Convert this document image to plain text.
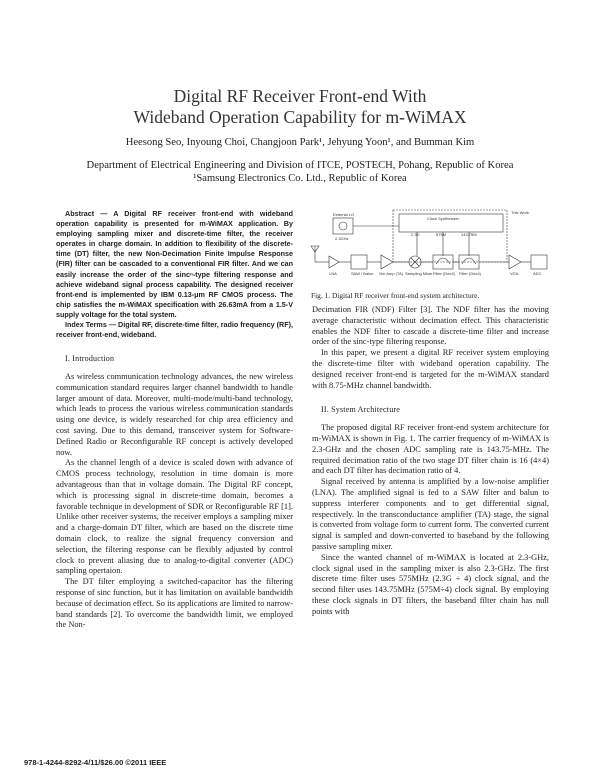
Digital RF Receiver Front-end With
Wideband Operation Capability for m-WiMAX
Heesong Seo, Inyoung Choi, Changjoon Park¹, Jehyung Yoon¹, and Bumman Kim
Department of Electrical Engineering and Division of ITCE, POSTECH, Pohang, Republic of Korea
¹Samsung Electronics Co. Ltd., Republic of Korea

Abstract — A Digital RF receiver front-end with wideband operation capability is presented for m-WiMAX application. By employing sampling mixer and discrete-time filter, the receiver operates in charge domain. In addition to flexibility of the discrete-time (DT) filter, the new Non-Decimation Finite Impulse Response (FIR) filter can be cascaded to a conventional FIR filter. And we can easily increase the order of the sincⁿ-type filtering response and achieve wideband signal process capability. The designed receiver front-end is implemented by IBM 0.13-μm RF CMOS process. The chip satisfies the m-WiMAX specification with 26.63mA from a 1.5-V supply voltage for the total system.

Index Terms — Digital RF, discrete-time filter, radio frequency (RF), receiver front-end, wideband.

I. Introduction

As wireless communication technology advances, the new wireless communication standard requires larger channel bandwidth to handle larger amount of data. Moreover, multi-mode/multi-band technology, which leads to process the various wireless communication standards using one device, is widely researched for chip area efficiency and cost saving. Due to this demand, transceiver system for Software-Defined Radio or Reconfigurable RF concept is actively developed now.

As the channel length of a device is scaled down with advance of CMOS process technology, resolution in time domain is more advantageous than that in voltage domain. The Digital RF concept, which is processing signal in discrete-time domain, becomes a favorable technique in development of SDR or Reconfigurable RF [1]. Unlike other receiver systems, the receiver employs a sampling mixer and a charge-domain DT filter, which are based on the discrete time domain clock, to realize the signal frequency conversion and selection, the filtering response can be flexibly adjusted by control clock to prevent aliasing due to analog-to-digital converter (ADC) sampling opertaion.

The DT filter employing a switched-capacitor has the filtering response of sinc function, but it has limitation on available bandwidth because of decimation effect. So its applications are limited to narrow-band standards [2]. To overcome the bandwidth limit, we employed the Non-

External LO
2.3GHz
Clock Synthesizer
This Work
2.3G	575M	143.75M
LNA	SAW / Balun Gm Amp (TA) Sampling Mixer Filter (Dec4) Filter (Dec4)	VGA	ADC
Fig. 1. Digital RF receiver front-end system architecture.

Decimation FIR (NDF) Filter [3]. The NDF filter has the moving average characteristic without decimation effect. This characteristic enables the NDF filter to cascade a discrete-time filter and increase order of the sinc-type filtering response.

In this paper, we present a digital RF receiver system employing the discrete-time filter with wideband operation capability. The designed receiver front-end is targeted for the m-WiMAX standard with 8.75-MHz channel bandwidth.

II. System Architecture

The proposed digital RF receiver front-end system architecture for m-WiMAX is shown in Fig. 1. The carrier frequency of m-WiMAX is 2.3-GHz and the chosen ADC sampling rate is 143.75-MHz. The required decimation ratio of the two stage DT filter chain is 16 (4×4) and each DT filter has decimation ratio of 4.

Signal received by antenna is amplified by a low-noise amplifier (LNA). The amplified signal is fed to a SAW filter and balun to suppress interferer components and to get differential signal, respectively. In the transconductance amplifier (TA) stage, the signal is converted from voltage form to current form. The converted current signal is sampled and down-converted to baseband by the following passive sampling mixer.

Since the wanted channel of m-WiMAX is located at 2.3-GHz, clock signal used in the sampling mixer is also 2.3-GHz. The first discrete time filter uses 575MHz (2.3G ÷ 4) clock signal, and the second filter uses 143.75MHz (575M÷4) clock signal. By employing these clock signals in DT filters, the baseband filter chain has null points with

978-1-4244-8292-4/11/$26.00 ©2011 IEEE
